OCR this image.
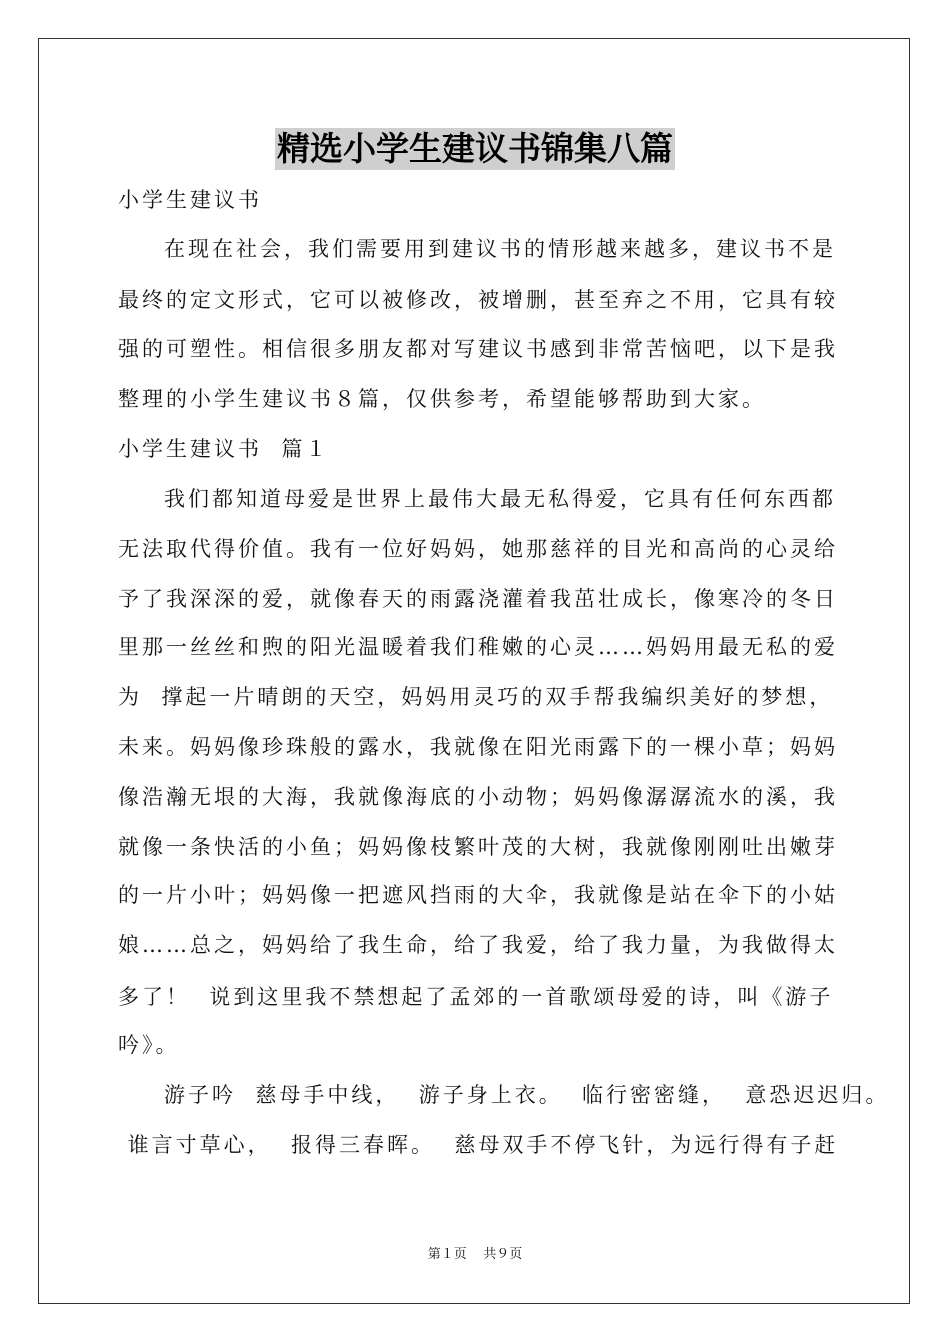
精选小学生建议书锦集八篇
小学生建议书
在现在社会，我们需要用到建议书的情形越来越多，建议书不是
最终的定文形式，它可以被修改，被增删，甚至弃之不用，它具有较
强的可塑性。相信很多朋友都对写建议书感到非常苦恼吧，以下是我
整理的小学生建议书８篇，仅供参考，希望能够帮助到大家。
小学生建议书  篇１
我们都知道母爱是世界上最伟大最无私得爱，它具有任何东西都
无法取代得价值。我有一位好妈妈，她那慈祥的目光和高尚的心灵给
予了我深深的爱，就像春天的雨露浇灌着我茁壮成长，像寒冷的冬日
里那一丝丝和煦的阳光温暖着我们稚嫩的心灵……妈妈用最无私的爱
为  撑起一片晴朗的天空，妈妈用灵巧的双手帮我编织美好的梦想，
未来。妈妈像珍珠般的露水，我就像在阳光雨露下的一棵小草；妈妈
像浩瀚无垠的大海，我就像海底的小动物；妈妈像潺潺流水的溪，我
就像一条快活的小鱼；妈妈像枝繁叶茂的大树，我就像刚刚吐出嫩芽
的一片小叶；妈妈像一把遮风挡雨的大伞，我就像是站在伞下的小姑
娘……总之，妈妈给了我生命，给了我爱，给了我力量，为我做得太
多了！  说到这里我不禁想起了孟郊的一首歌颂母爱的诗，叫《游子
吟》。
游子吟  慈母手中线，  游子身上衣。  临行密密缝，  意恐迟迟归。
谁言寸草心，  报得三春晖。  慈母双手不停飞针，为远行得有子赶
第１页    共９页
